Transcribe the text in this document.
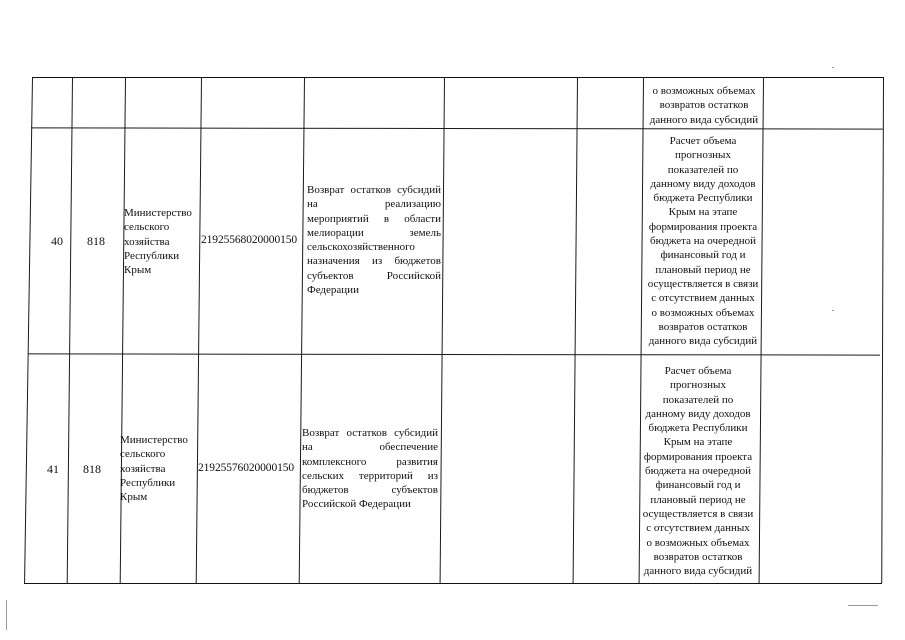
о возможных объемах
возвратов остатков
данного вида субсидий
40 818
Министерство
сельского
хозяйства
Республики
Крым
21925568020000150
Возврат остатков субсидий на реализацию мероприятий в области мелиорации земель сельскохозяйственного назначения из бюджетов субъектов Российской Федерации
Расчет объема
прогнозных
показателей по
данному виду доходов
бюджета Республики
Крым на этапе
формирования проекта
бюджета на очередной
финансовый год и
плановый период не
осуществляется в связи
с отсутствием данных
о возможных объемах
возвратов остатков
данного вида субсидий
41 818
Министерство
сельского
хозяйства
Республики
Крым
21925576020000150
Возврат остатков субсидий на обеспечение комплексного развития сельских территорий из бюджетов субъектов Российской Федерации
Расчет объема
прогнозных
показателей по
данному виду доходов
бюджета Республики
Крым на этапе
формирования проекта
бюджета на очередной
финансовый год и
плановый период не
осуществляется в связи
с отсутствием данных
о возможных объемах
возвратов остатков
данного вида субсидий
